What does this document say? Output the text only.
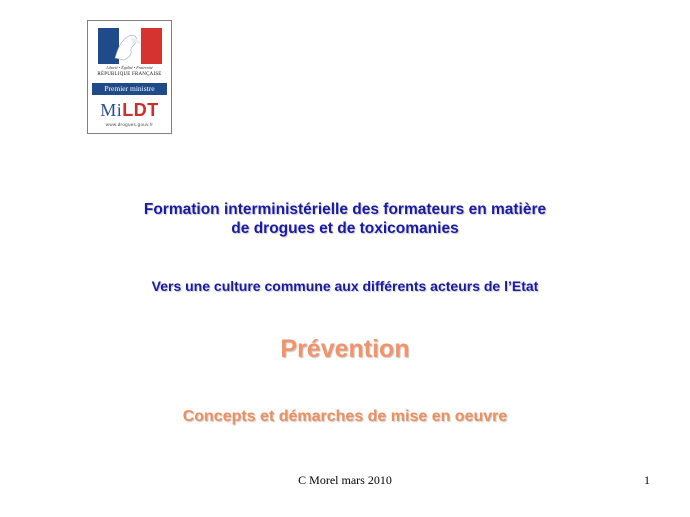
Liberté • Égalité • Fraternité
RÉPUBLIQUE FRANÇAISE
Premier ministre
MiLDT
www.drogues.gouv.fr

Formation interministérielle des formateurs en matière

de drogues et de toxicomanies

Vers une culture commune aux différents acteurs de l’Etat

Prévention

Concepts et démarches de mise en oeuvre

C Morel mars 2010	1
